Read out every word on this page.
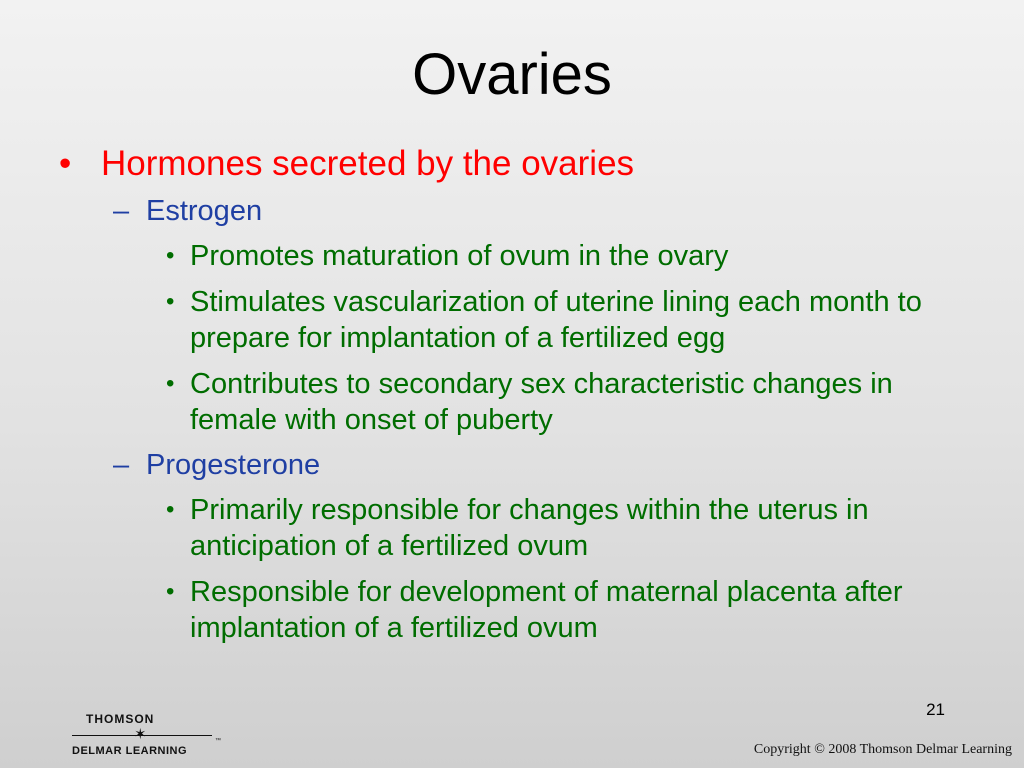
Ovaries
• Hormones secreted by the ovaries
– Estrogen
• Promotes maturation of ovum in the ovary
• Stimulates vascularization of uterine lining each month to prepare for implantation of a fertilized egg
• Contributes to secondary sex characteristic changes in female with onset of puberty
– Progesterone
• Primarily responsible for changes within the uterus in anticipation of a fertilized ovum
• Responsible for development of maternal placenta after implantation of a fertilized ovum
THOMSON
✶
DELMAR LEARNING
™
21
Copyright © 2008 Thomson Delmar Learning
